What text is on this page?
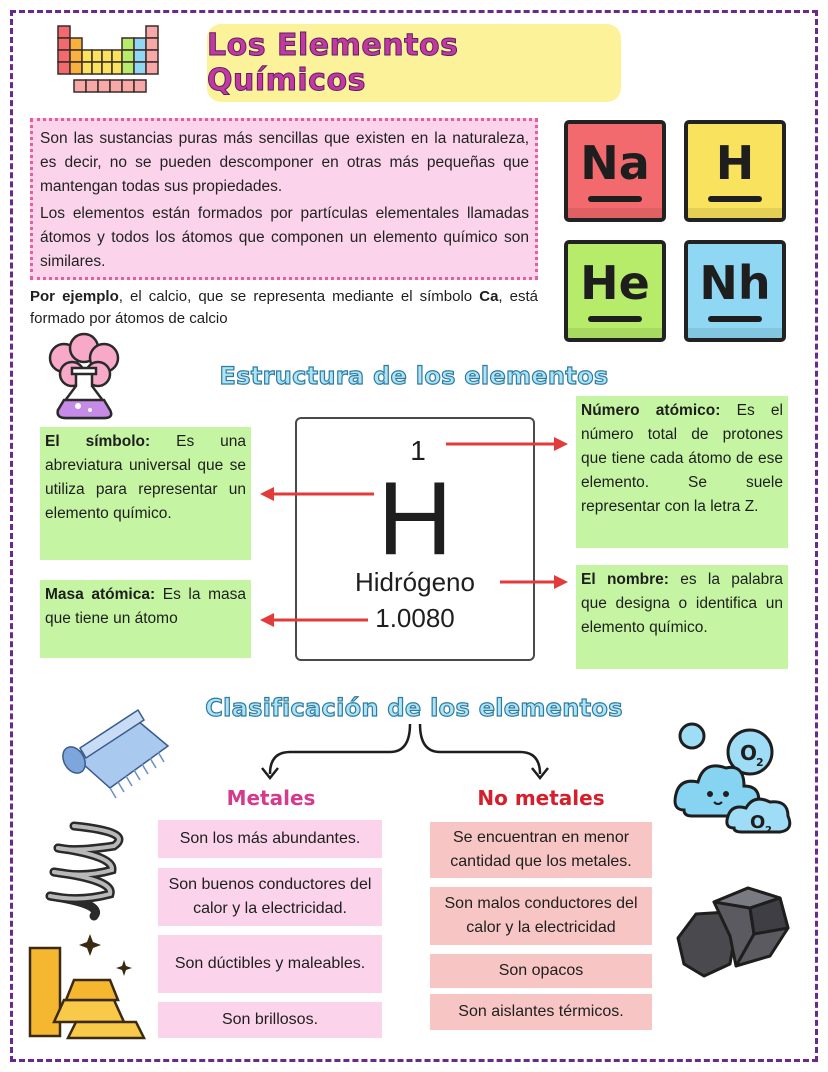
Los Elementos Químicos

Son las sustancias puras más sencillas que existen en la naturaleza, es decir, no se pueden descomponer en otras más pequeñas que mantengan todas sus propiedades.

Los elementos están formados por partículas elementales llamadas átomos y todos los átomos que componen un elemento químico son similares.

Por ejemplo, el calcio, que se representa mediante el símbolo Ca, está formado por átomos de calcio
Na H
He Nh
Estructura de los elementos
El símbolo: Es una abreviatura universal que se utiliza para representar un elemento químico.
Masa atómica: Es la masa que tiene un átomo
Número atómico: Es el número total de protones que tiene cada átomo de ese elemento. Se suele representar con la letra Z.
El nombre: es la palabra que designa o identifica un elemento químico.
1
H
Hidrógeno
1.0080
Clasificación de los elementos
Metales	No metales
Son los más abundantes.
Son buenos conductores del calor y la electricidad.
Son dúctibles y maleables.
Son brillosos.
Se encuentran en menor cantidad que los metales.
Son malos conductores del calor y la electricidad
Son opacos
Son aislantes térmicos.
O
2
O 2
